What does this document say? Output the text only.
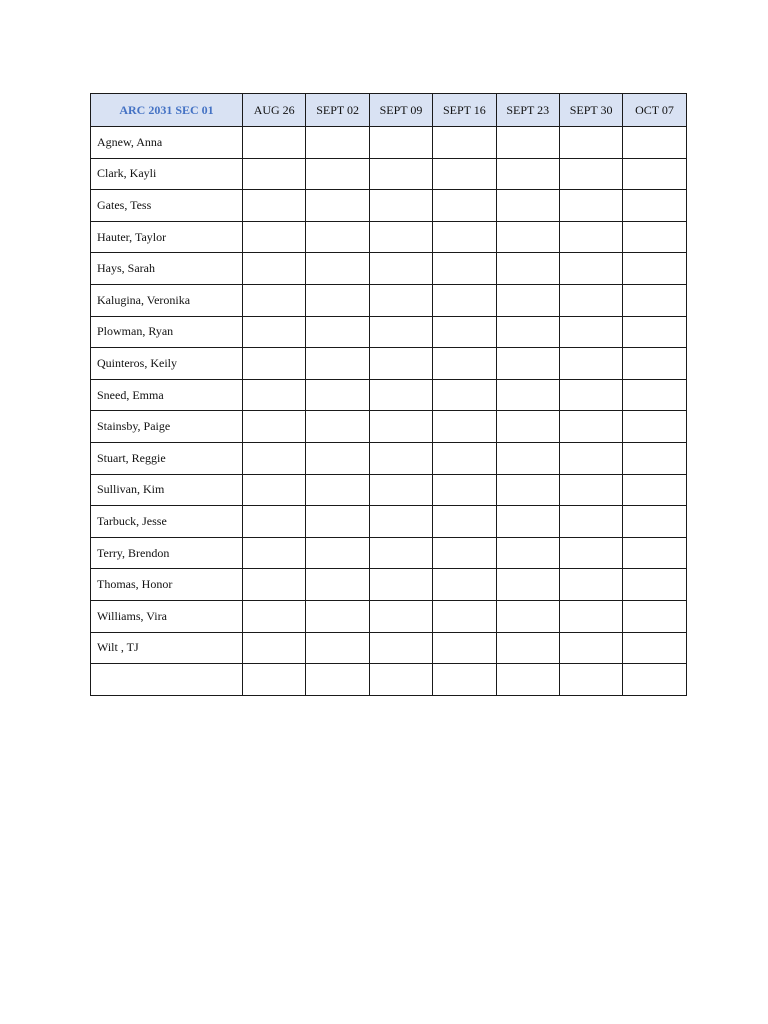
ARC 2031 SEC 01	AUG 26	SEPT 02	SEPT 09	SEPT 16	SEPT 23	SEPT 30	OCT 07
Agnew, Anna							
Clark, Kayli							
Gates, Tess							
Hauter, Taylor							
Hays, Sarah							
Kalugina, Veronika							
Plowman, Ryan							
Quinteros, Keily							
Sneed, Emma							
Stainsby, Paige							
Stuart, Reggie							
Sullivan, Kim							
Tarbuck, Jesse							
Terry, Brendon							
Thomas, Honor							
Williams, Vira							
Wilt , TJ							
